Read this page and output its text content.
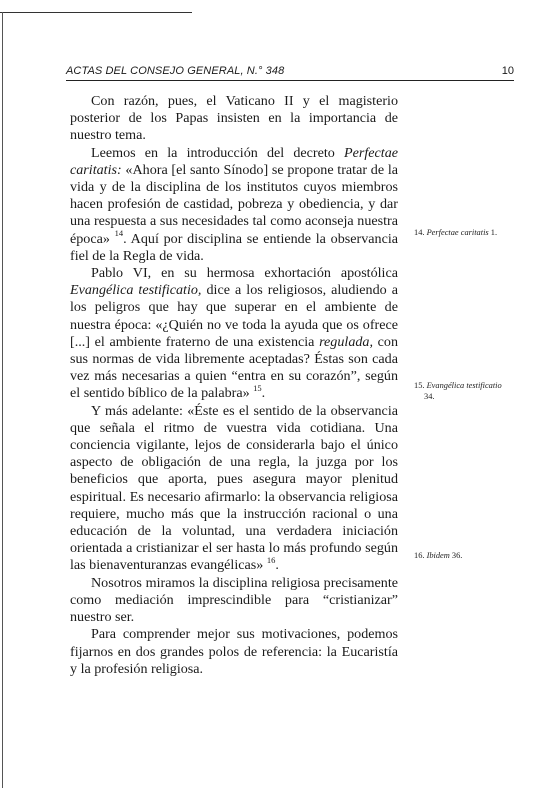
ACTAS DEL CONSEJO GENERAL, N.° 348	10

Con razón, pues, el Vaticano II y el magisterio posterior de los Papas insisten en la importancia de nuestro tema.

Leemos en la introducción del decreto Perfectae caritatis: «Ahora [el santo Sínodo] se propone tratar de la vida y de la disciplina de los institutos cuyos miembros hacen profesión de castidad, pobreza y obediencia, y dar una respuesta a sus necesidades tal como aconseja nuestra época» $^{14}$. Aquí por disciplina se entiende la observancia fiel de la Regla de vida.

Pablo VI, en su hermosa exhortación apostólica Evangélica testificatio, dice a los religiosos, aludiendo a los peligros que hay que superar en el ambiente de nuestra época: «¿Quién no ve toda la ayuda que os ofrece [...] el ambiente fraterno de una existencia regulada, con sus normas de vida libremente aceptadas? Éstas son cada vez más necesarias a quien “entra en su corazón”, según el sentido bíblico de la palabra» $^{15}$.

Y más adelante: «Éste es el sentido de la observancia que señala el ritmo de vuestra vida cotidiana. Una conciencia vigilante, lejos de considerarla bajo el único aspecto de obligación de una regla, la juzga por los beneficios que aporta, pues asegura mayor plenitud espiritual. Es necesario afirmarlo: la observancia religiosa requiere, mucho más que la instrucción racional o una educación de la voluntad, una verdadera iniciación orientada a cristianizar el ser hasta lo más profundo según las bienaventuranzas evangélicas» $^{16}$.

Nosotros miramos la disciplina religiosa precisamente como mediación imprescindible para “cristianizar” nuestro ser.

Para comprender mejor sus motivaciones, podemos fijarnos en dos grandes polos de referencia: la Eucaristía y la profesión religiosa.

14. Perfectae caritatis 1.
15. Evangélica testificatio
34.
16. Ibidem 36.
